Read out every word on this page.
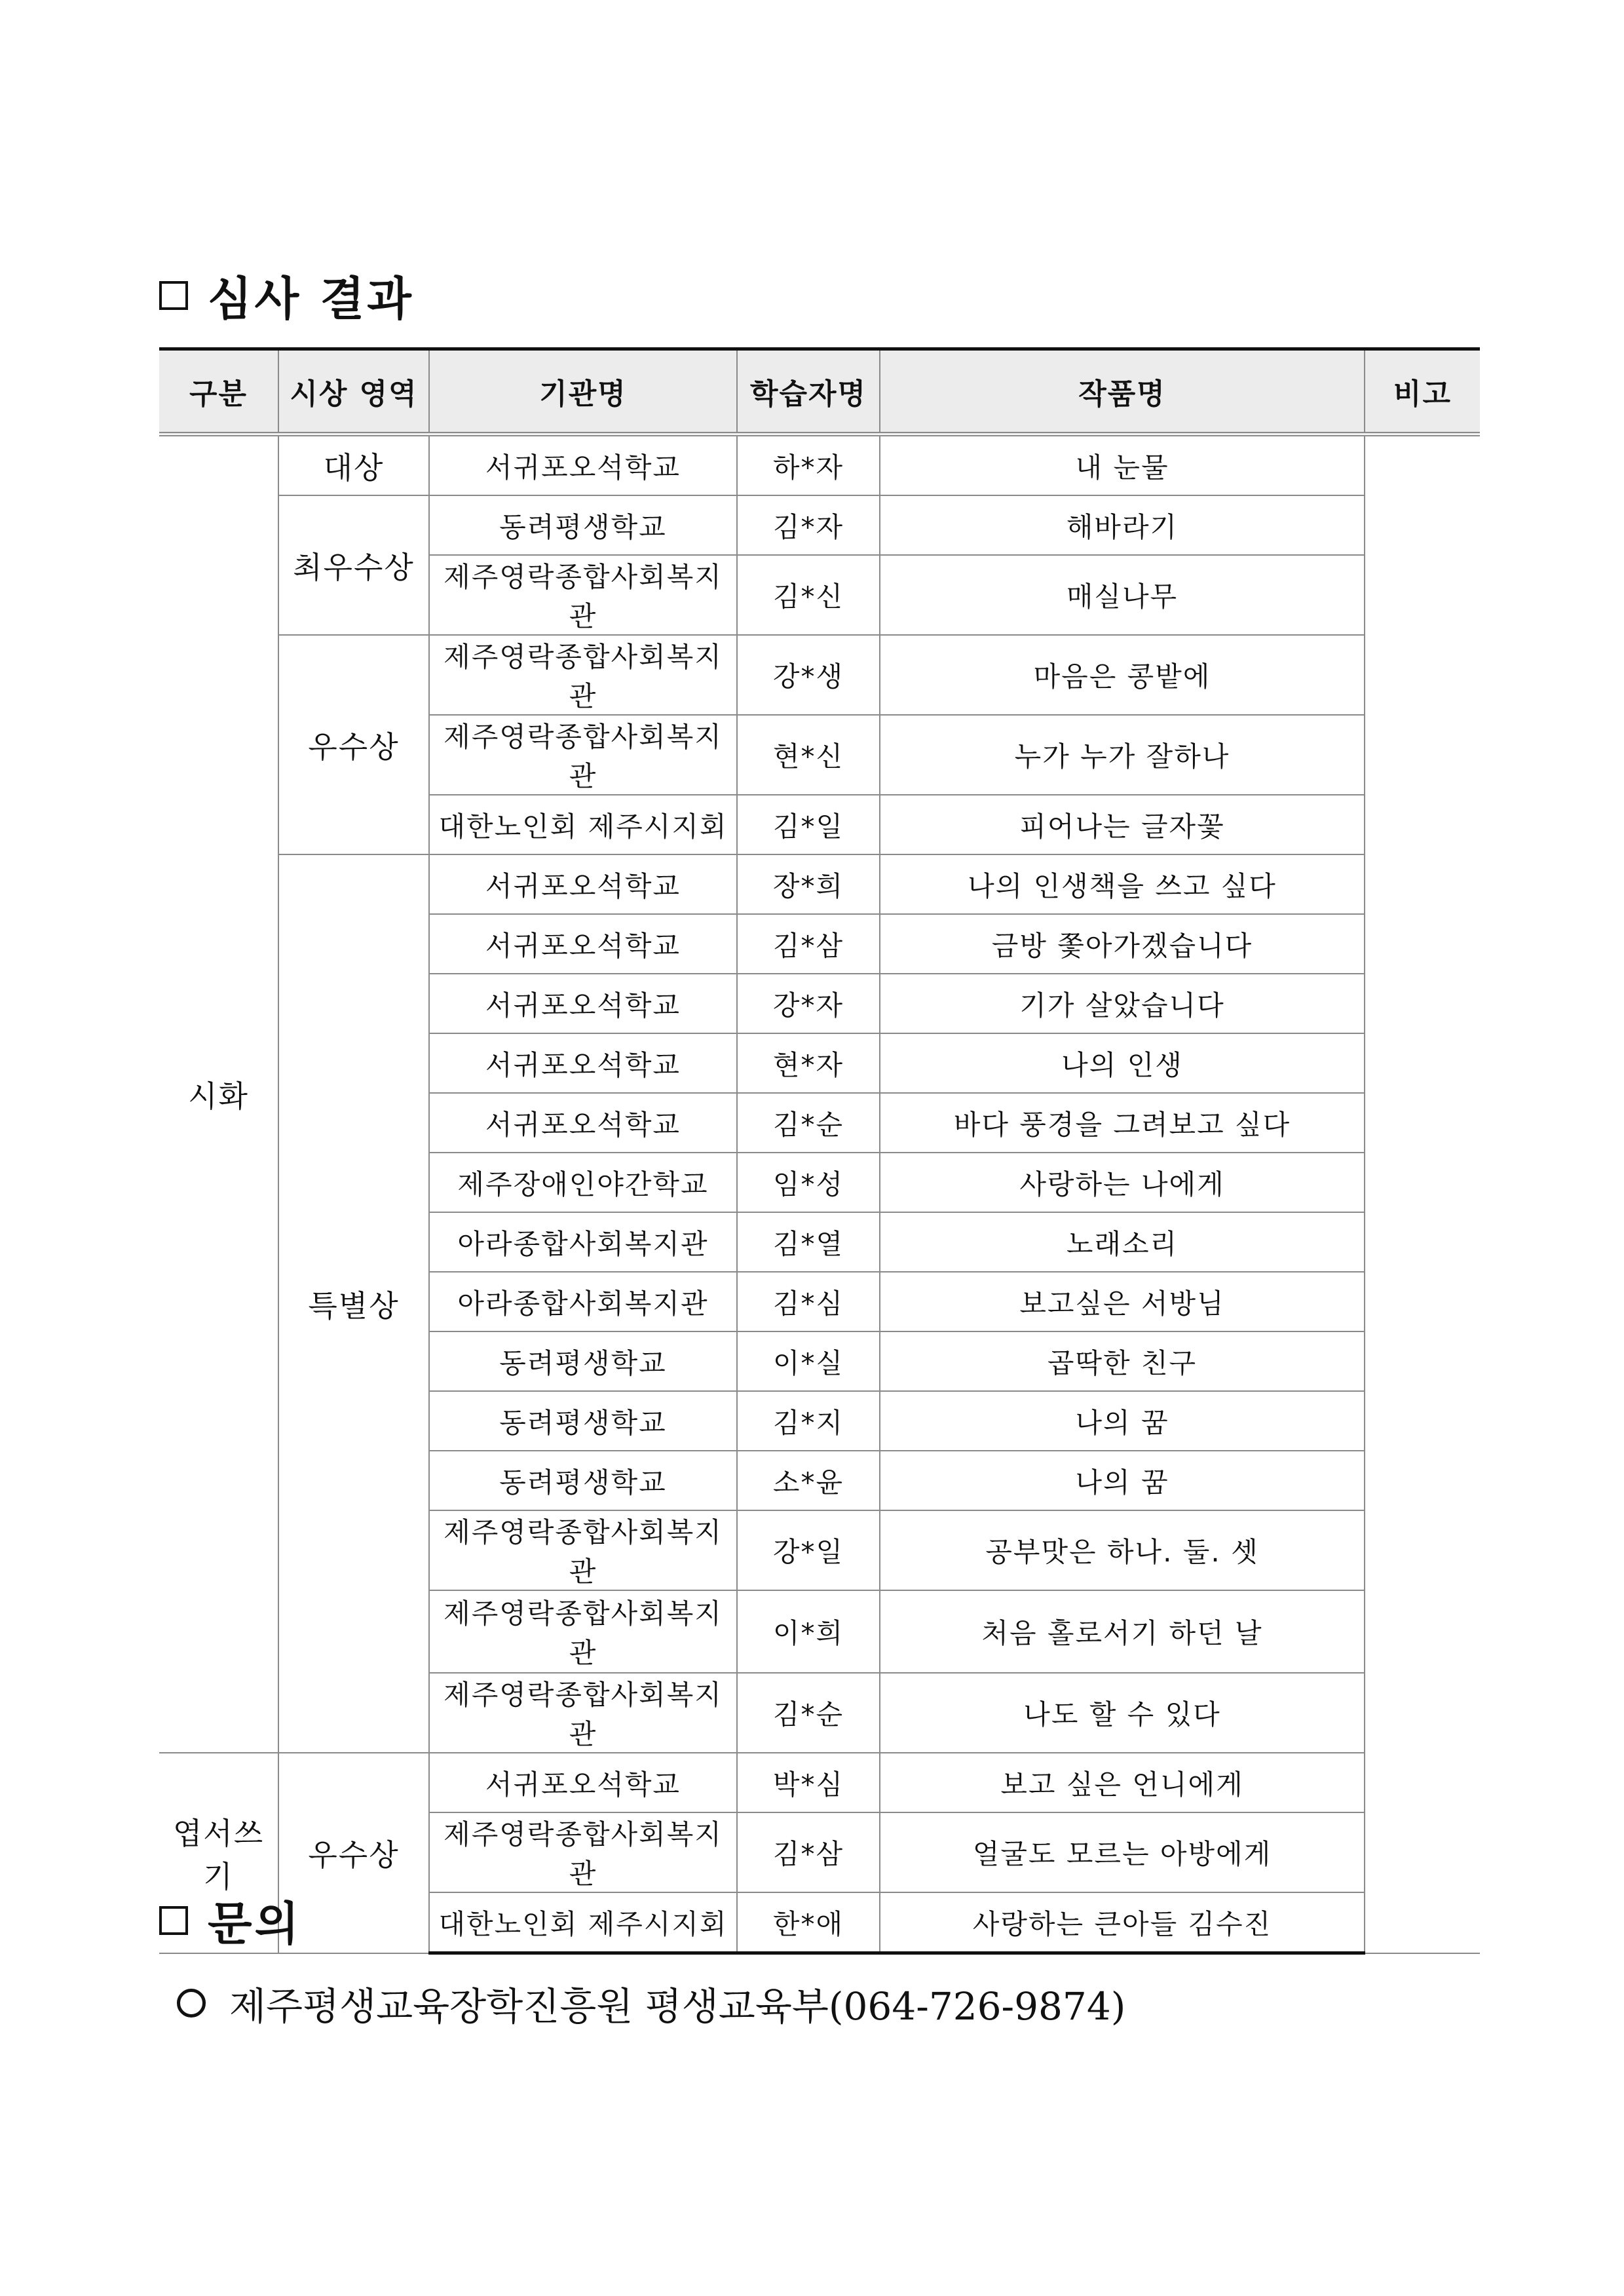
심사 결과
구분	시상 영역	기관명	학습자명	작품명	비고
시화	대상	서귀포오석학교	하*자	내 눈물	
	최우수상	동려평생학교	김*자	해바라기	
		제주영락종합사회복지관	김*신	매실나무	
	우수상	제주영락종합사회복지관	강*생	마음은 콩밭에	
		제주영락종합사회복지관	현*신	누가 누가 잘하나	
		대한노인회 제주시지회	김*일	피어나는 글자꽃	
	특별상	서귀포오석학교	장*희	나의 인생책을 쓰고 싶다	
		서귀포오석학교	김*삼	금방 쫓아가겠습니다	
		서귀포오석학교	강*자	기가 살았습니다	
		서귀포오석학교	현*자	나의 인생	
		서귀포오석학교	김*순	바다 풍경을 그려보고 싶다	
		제주장애인야간학교	임*성	사랑하는 나에게	
		아라종합사회복지관	김*열	노래소리	
		아라종합사회복지관	김*심	보고싶은 서방님	
		동려평생학교	이*실	곱딱한 친구	
		동려평생학교	김*지	나의 꿈	
		동려평생학교	소*윤	나의 꿈	
		제주영락종합사회복지관	강*일	공부맛은 하나. 둘. 셋	
		제주영락종합사회복지관	이*희	처음 홀로서기 하던 날	
		제주영락종합사회복지관	김*순	나도 할 수 있다	
엽서쓰기	우수상	서귀포오석학교	박*심	보고 싶은 언니에게	
		제주영락종합사회복지관	김*삼	얼굴도 모르는 아방에게	
		대한노인회 제주시지회	한*애	사랑하는 큰아들 김수진	
문의
제주평생교육장학진흥원 평생교육부(064-726-9874)
